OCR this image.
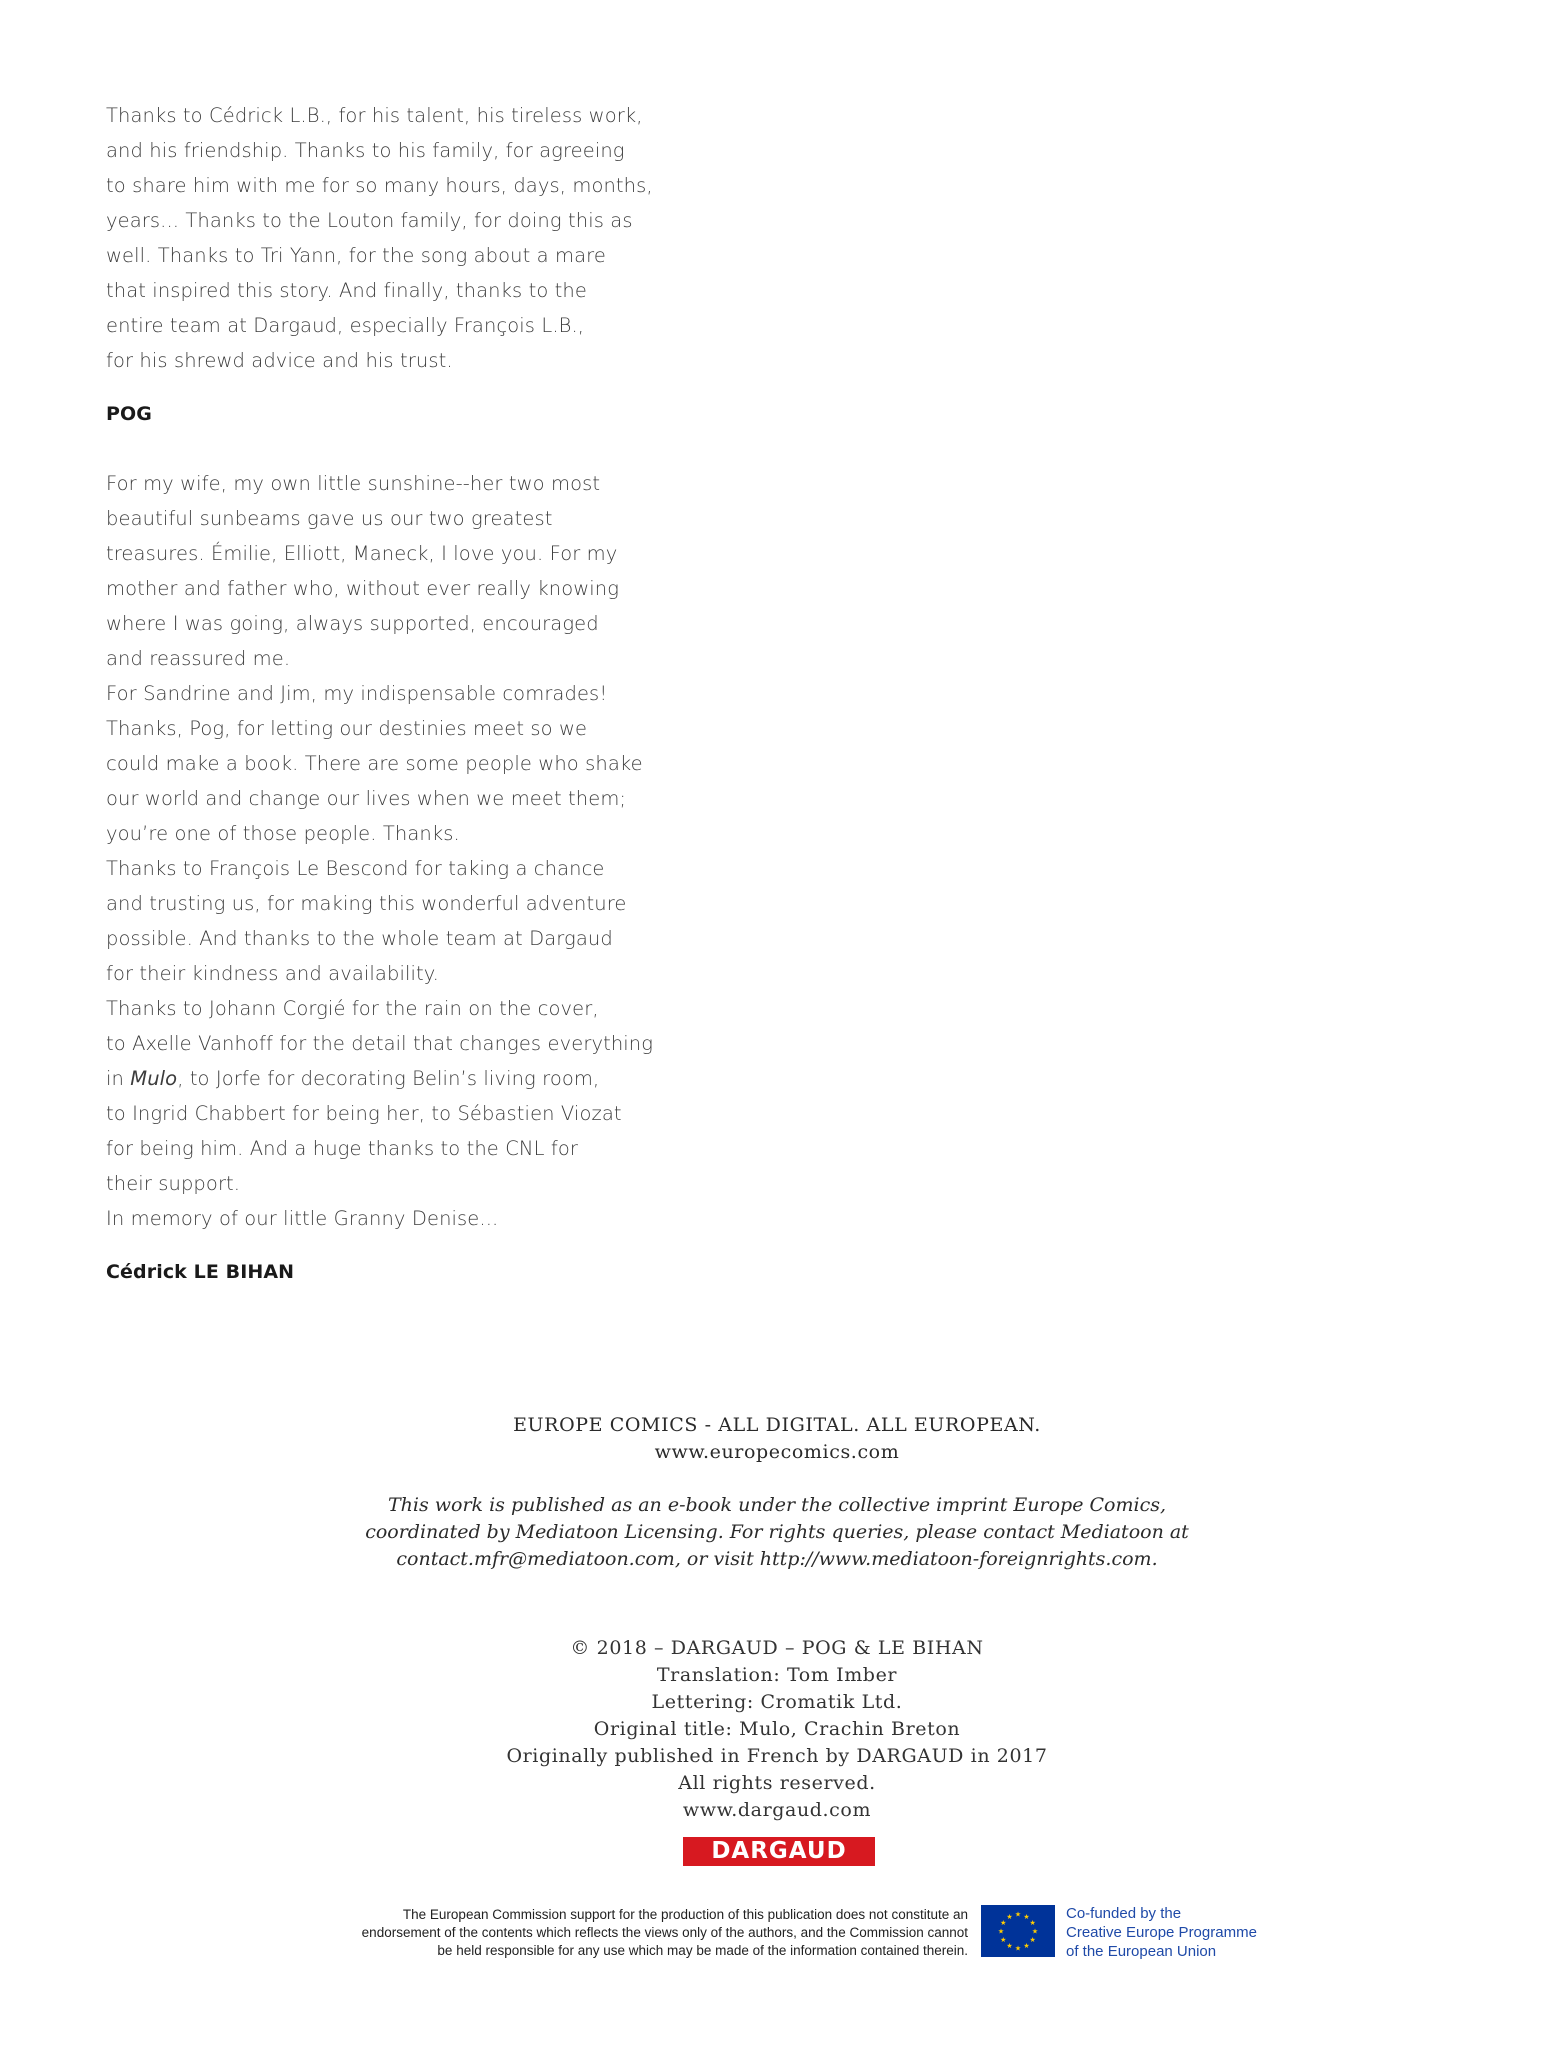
Thanks to Cédrick L.B., for his talent, his tireless work,
and his friendship. Thanks to his family, for agreeing
to share him with me for so many hours, days, months,
years... Thanks to the Louton family, for doing this as
well. Thanks to Tri Yann, for the song about a mare
that inspired this story. And finally, thanks to the
entire team at Dargaud, especially François L.B.,
for his shrewd advice and his trust.
POG
For my wife, my own little sunshine--her two most
beautiful sunbeams gave us our two greatest
treasures. Émilie, Elliott, Maneck, I love you. For my
mother and father who, without ever really knowing
where I was going, always supported, encouraged
and reassured me.
For Sandrine and Jim, my indispensable comrades!
Thanks, Pog, for letting our destinies meet so we
could make a book. There are some people who shake
our world and change our lives when we meet them;
you’re one of those people. Thanks.
Thanks to François Le Bescond for taking a chance
and trusting us, for making this wonderful adventure
possible. And thanks to the whole team at Dargaud
for their kindness and availability.
Thanks to Johann Corgié for the rain on the cover,
to Axelle Vanhoff for the detail that changes everything
in Mulo, to Jorfe for decorating Belin’s living room,
to Ingrid Chabbert for being her, to Sébastien Viozat
for being him. And a huge thanks to the CNL for
their support.
In memory of our little Granny Denise...
Cédrick LE BIHAN
EUROPE COMICS - ALL DIGITAL. ALL EUROPEAN.
www.europecomics.com
This work is published as an e-book under the collective imprint Europe Comics,
coordinated by Mediatoon Licensing. For rights queries, please contact Mediatoon at
contact.mfr@mediatoon.com, or visit http://www.mediatoon-foreignrights.com.
© 2018 – DARGAUD – POG & LE BIHAN
Translation: Tom Imber
Lettering: Cromatik Ltd.
Original title: Mulo, Crachin Breton
Originally published in French by DARGAUD in 2017
All rights reserved.
www.dargaud.com
DARGAUD
The European Commission support for the production of this publication does not constitute an
endorsement of the contents which reflects the views only of the authors, and the Commission cannot
be held responsible for any use which may be made of the information contained therein.
★ ★
★
★
★
★
★
★
★
★
★
★	Co-funded by the
Creative Europe Programme
of the European Union
